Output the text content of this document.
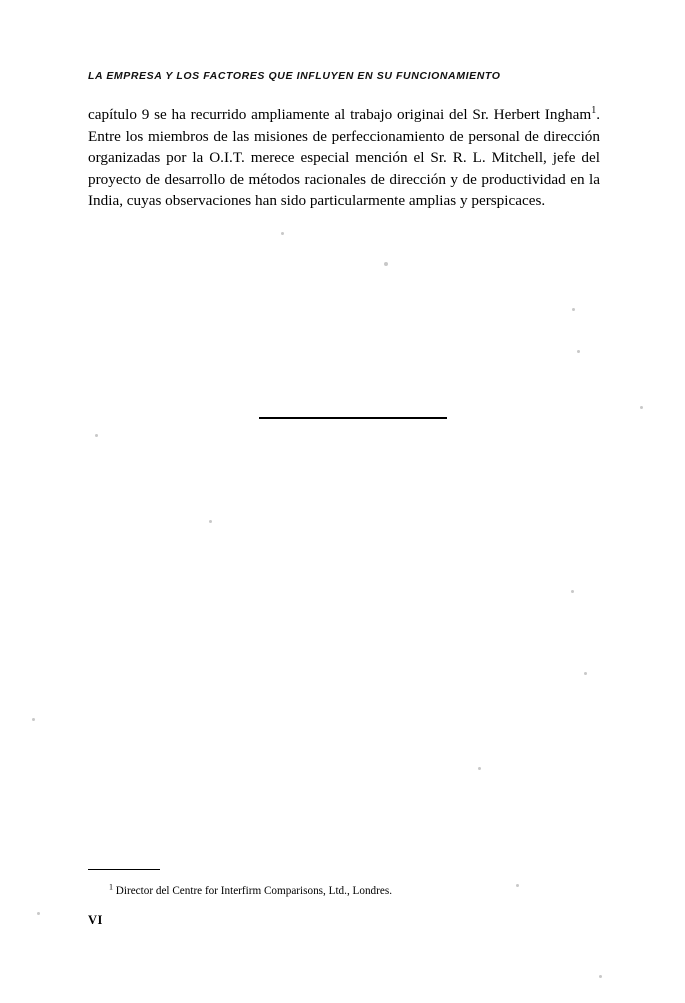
LA EMPRESA Y LOS FACTORES QUE INFLUYEN EN SU FUNCIONAMIENTO

capítulo 9 se ha recurrido ampliamente al trabajo originai del Sr. Herbert Ingham$^1$. Entre los miembros de las misiones de perfeccionamiento de personal de dirección organizadas por la O.I.T. merece especial mención el Sr. R. L. Mitchell, jefe del proyecto de desarrollo de métodos racionales de dirección y de productividad en la India, cuyas observaciones han sido particularmente amplias y perspicaces.

$^1$ Director del Centre for Interfirm Comparisons, Ltd., Londres.
VI
